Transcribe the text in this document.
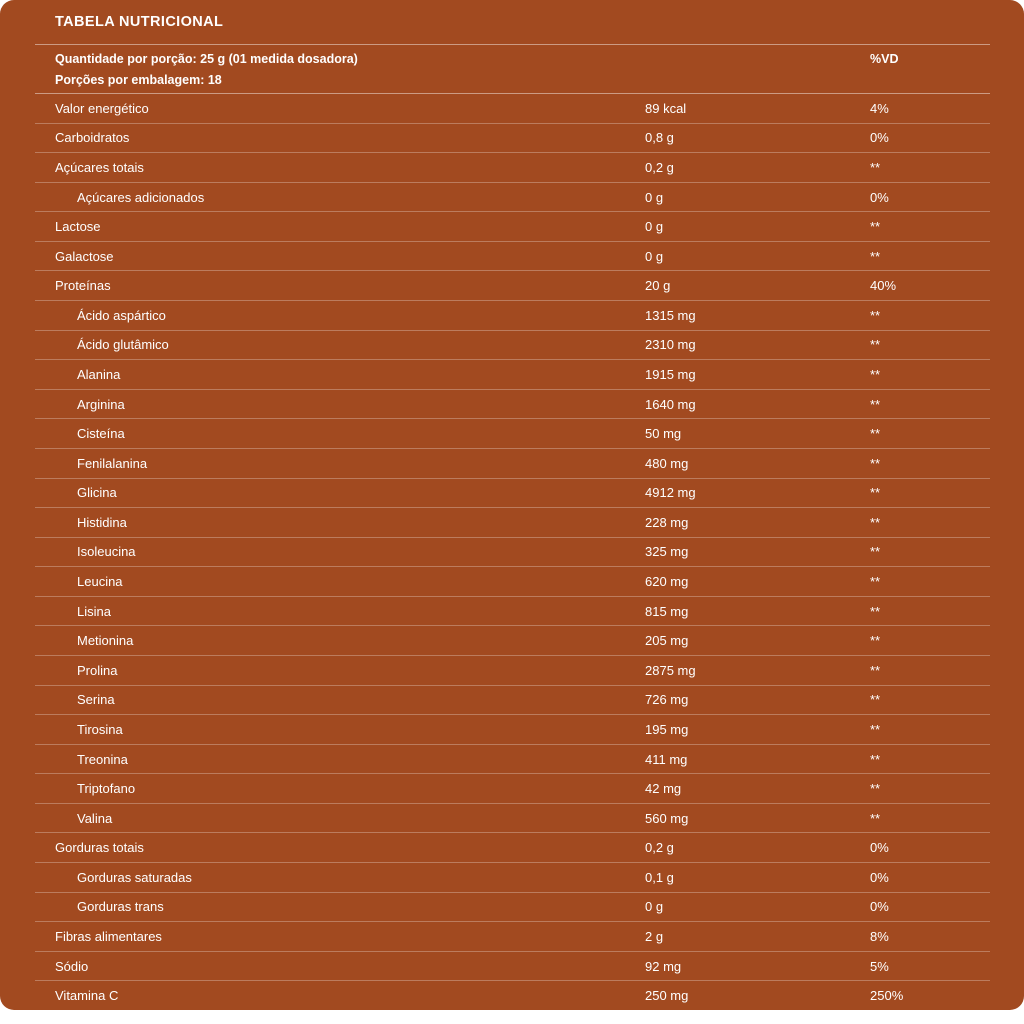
TABELA NUTRICIONAL
Quantidade por porção: 25 g (01 medida dosadora)	%VD
Porções por embalagem: 18
Valor energético	89 kcal	4%
Carboidratos	0,8 g	0%
Açúcares totais	0,2 g	**
Açúcares adicionados	0 g	0%
Lactose	0 g	**
Galactose	0 g	**
Proteínas	20 g	40%
Ácido aspártico	1315 mg	**
Ácido glutâmico	2310 mg	**
Alanina	1915 mg	**
Arginina	1640 mg	**
Cisteína	50 mg	**
Fenilalanina	480 mg	**
Glicina	4912 mg	**
Histidina	228 mg	**
Isoleucina	325 mg	**
Leucina	620 mg	**
Lisina	815 mg	**
Metionina	205 mg	**
Prolina	2875 mg	**
Serina	726 mg	**
Tirosina	195 mg	**
Treonina	411 mg	**
Triptofano	42 mg	**
Valina	560 mg	**
Gorduras totais	0,2 g	0%
Gorduras saturadas	0,1 g	0%
Gorduras trans	0 g	0%
Fibras alimentares	2 g	8%
Sódio	92 mg	5%
Vitamina C	250 mg	250%
